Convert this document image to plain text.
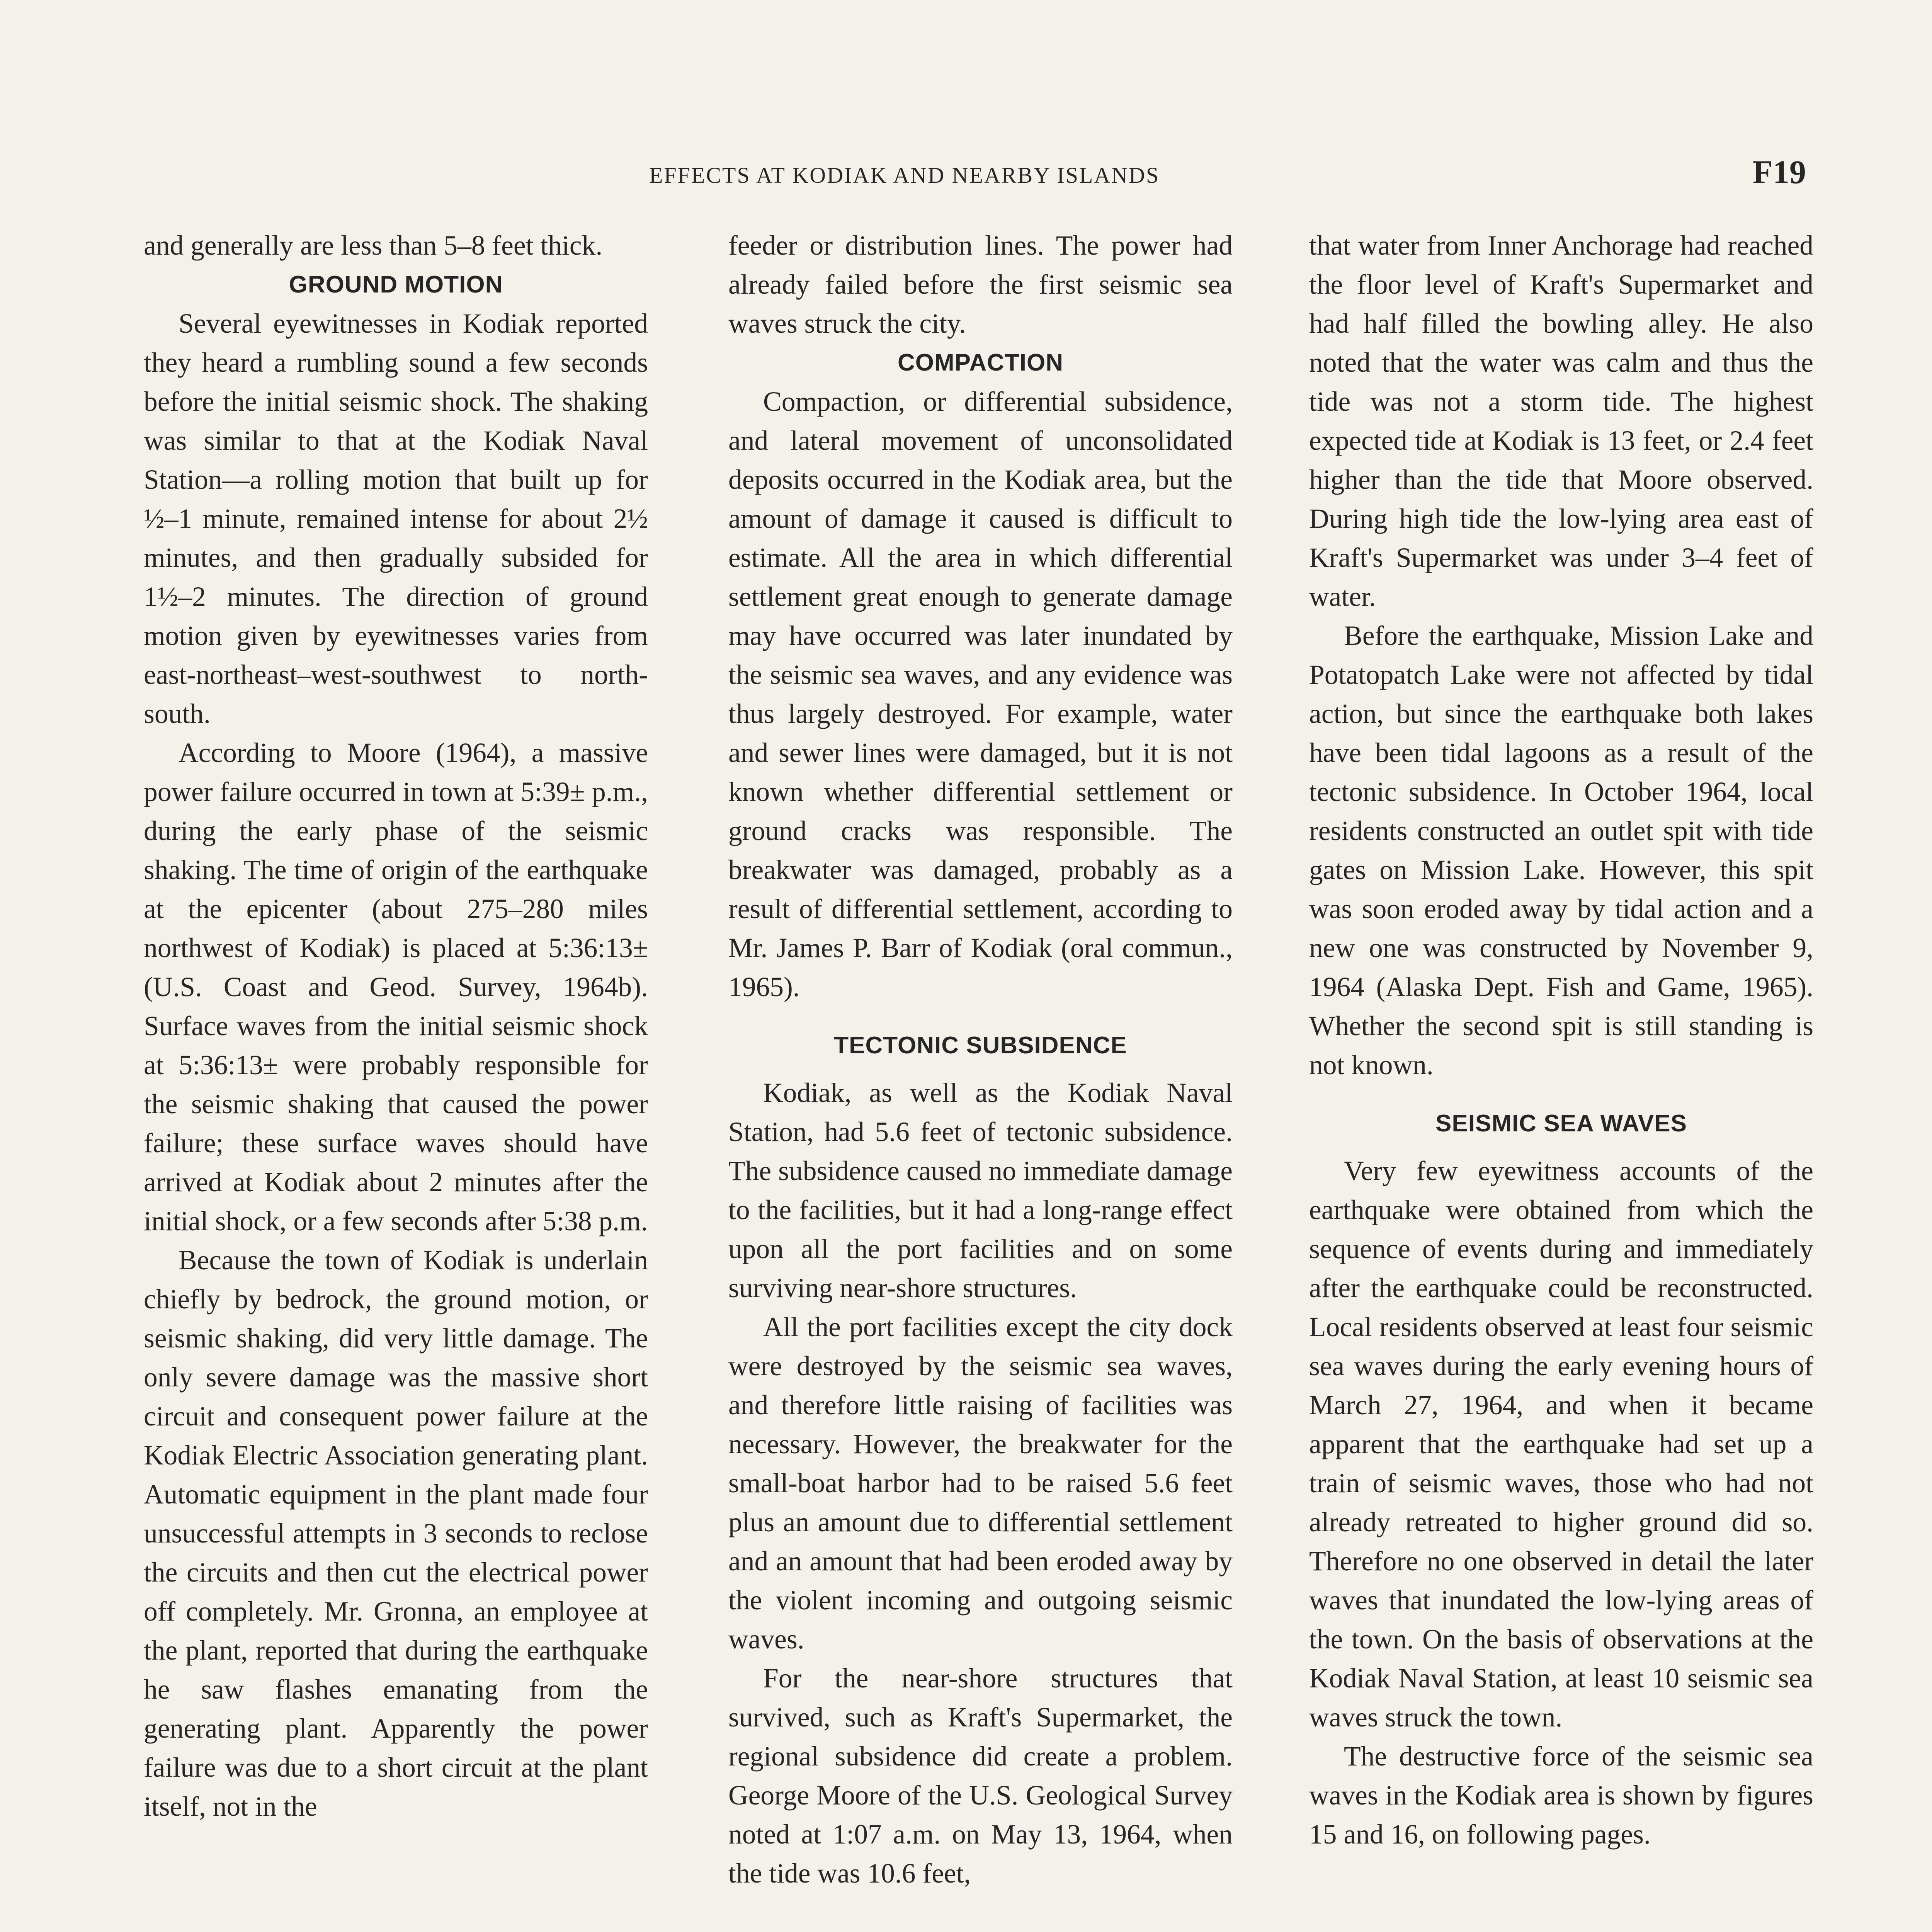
EFFECTS AT KODIAK AND NEARBY ISLANDS	F19

and generally are less than 5–8 feet thick.

GROUND MOTION

Several eyewitnesses in Kodiak reported they heard a rumbling sound a few seconds before the initial seismic shock. The shaking was similar to that at the Kodiak Naval Station—a rolling motion that built up for ½–1 minute, remained intense for about 2½ minutes, and then gradually subsided for 1½–2 minutes. The direction of ground motion given by eyewitnesses varies from east-northeast–west-southwest to north-south.

According to Moore (1964), a massive power failure occurred in town at 5:39± p.m., during the early phase of the seismic shaking. The time of origin of the earthquake at the epicenter (about 275–280 miles northwest of Kodiak) is placed at 5:36:13± (U.S. Coast and Geod. Survey, 1964b). Surface waves from the initial seismic shock at 5:36:13± were probably responsible for the seismic shaking that caused the power failure; these surface waves should have arrived at Kodiak about 2 minutes after the initial shock, or a few seconds after 5:38 p.m.

Because the town of Kodiak is underlain chiefly by bedrock, the ground motion, or seismic shaking, did very little damage. The only severe damage was the massive short circuit and consequent power failure at the Kodiak Electric Association generating plant. Automatic equipment in the plant made four unsuccessful attempts in 3 seconds to reclose the circuits and then cut the electrical power off completely. Mr. Gronna, an employee at the plant, reported that during the earthquake he saw flashes emanating from the generating plant. Apparently the power failure was due to a short circuit at the plant itself, not in the

feeder or distribution lines. The power had already failed before the first seismic sea waves struck the city.

COMPACTION

Compaction, or differential subsidence, and lateral movement of unconsolidated deposits occurred in the Kodiak area, but the amount of damage it caused is difficult to estimate. All the area in which differential settlement great enough to generate damage may have occurred was later inundated by the seismic sea waves, and any evidence was thus largely destroyed. For example, water and sewer lines were damaged, but it is not known whether differential settlement or ground cracks was responsible. The breakwater was damaged, probably as a result of differential settlement, according to Mr. James P. Barr of Kodiak (oral commun., 1965).

TECTONIC SUBSIDENCE

Kodiak, as well as the Kodiak Naval Station, had 5.6 feet of tectonic subsidence. The subsidence caused no immediate damage to the facilities, but it had a long-range effect upon all the port facilities and on some surviving near-shore structures.

All the port facilities except the city dock were destroyed by the seismic sea waves, and therefore little raising of facilities was necessary. However, the breakwater for the small-boat harbor had to be raised 5.6 feet plus an amount due to differential settlement and an amount that had been eroded away by the violent incoming and outgoing seismic waves.

For the near-shore structures that survived, such as Kraft's Supermarket, the regional subsidence did create a problem. George Moore of the U.S. Geological Survey noted at 1:07 a.m. on May 13, 1964, when the tide was 10.6 feet,

that water from Inner Anchorage had reached the floor level of Kraft's Supermarket and had half filled the bowling alley. He also noted that the water was calm and thus the tide was not a storm tide. The highest expected tide at Kodiak is 13 feet, or 2.4 feet higher than the tide that Moore observed. During high tide the low-lying area east of Kraft's Supermarket was under 3–4 feet of water.

Before the earthquake, Mission Lake and Potatopatch Lake were not affected by tidal action, but since the earthquake both lakes have been tidal lagoons as a result of the tectonic subsidence. In October 1964, local residents constructed an outlet spit with tide gates on Mission Lake. However, this spit was soon eroded away by tidal action and a new one was constructed by November 9, 1964 (Alaska Dept. Fish and Game, 1965). Whether the second spit is still standing is not known.

SEISMIC SEA WAVES

Very few eyewitness accounts of the earthquake were obtained from which the sequence of events during and immediately after the earthquake could be reconstructed. Local residents observed at least four seismic sea waves during the early evening hours of March 27, 1964, and when it became apparent that the earthquake had set up a train of seismic waves, those who had not already retreated to higher ground did so. Therefore no one observed in detail the later waves that inundated the low-lying areas of the town. On the basis of observations at the Kodiak Naval Station, at least 10 seismic sea waves struck the town.

The destructive force of the seismic sea waves in the Kodiak area is shown by figures 15 and 16, on following pages.
